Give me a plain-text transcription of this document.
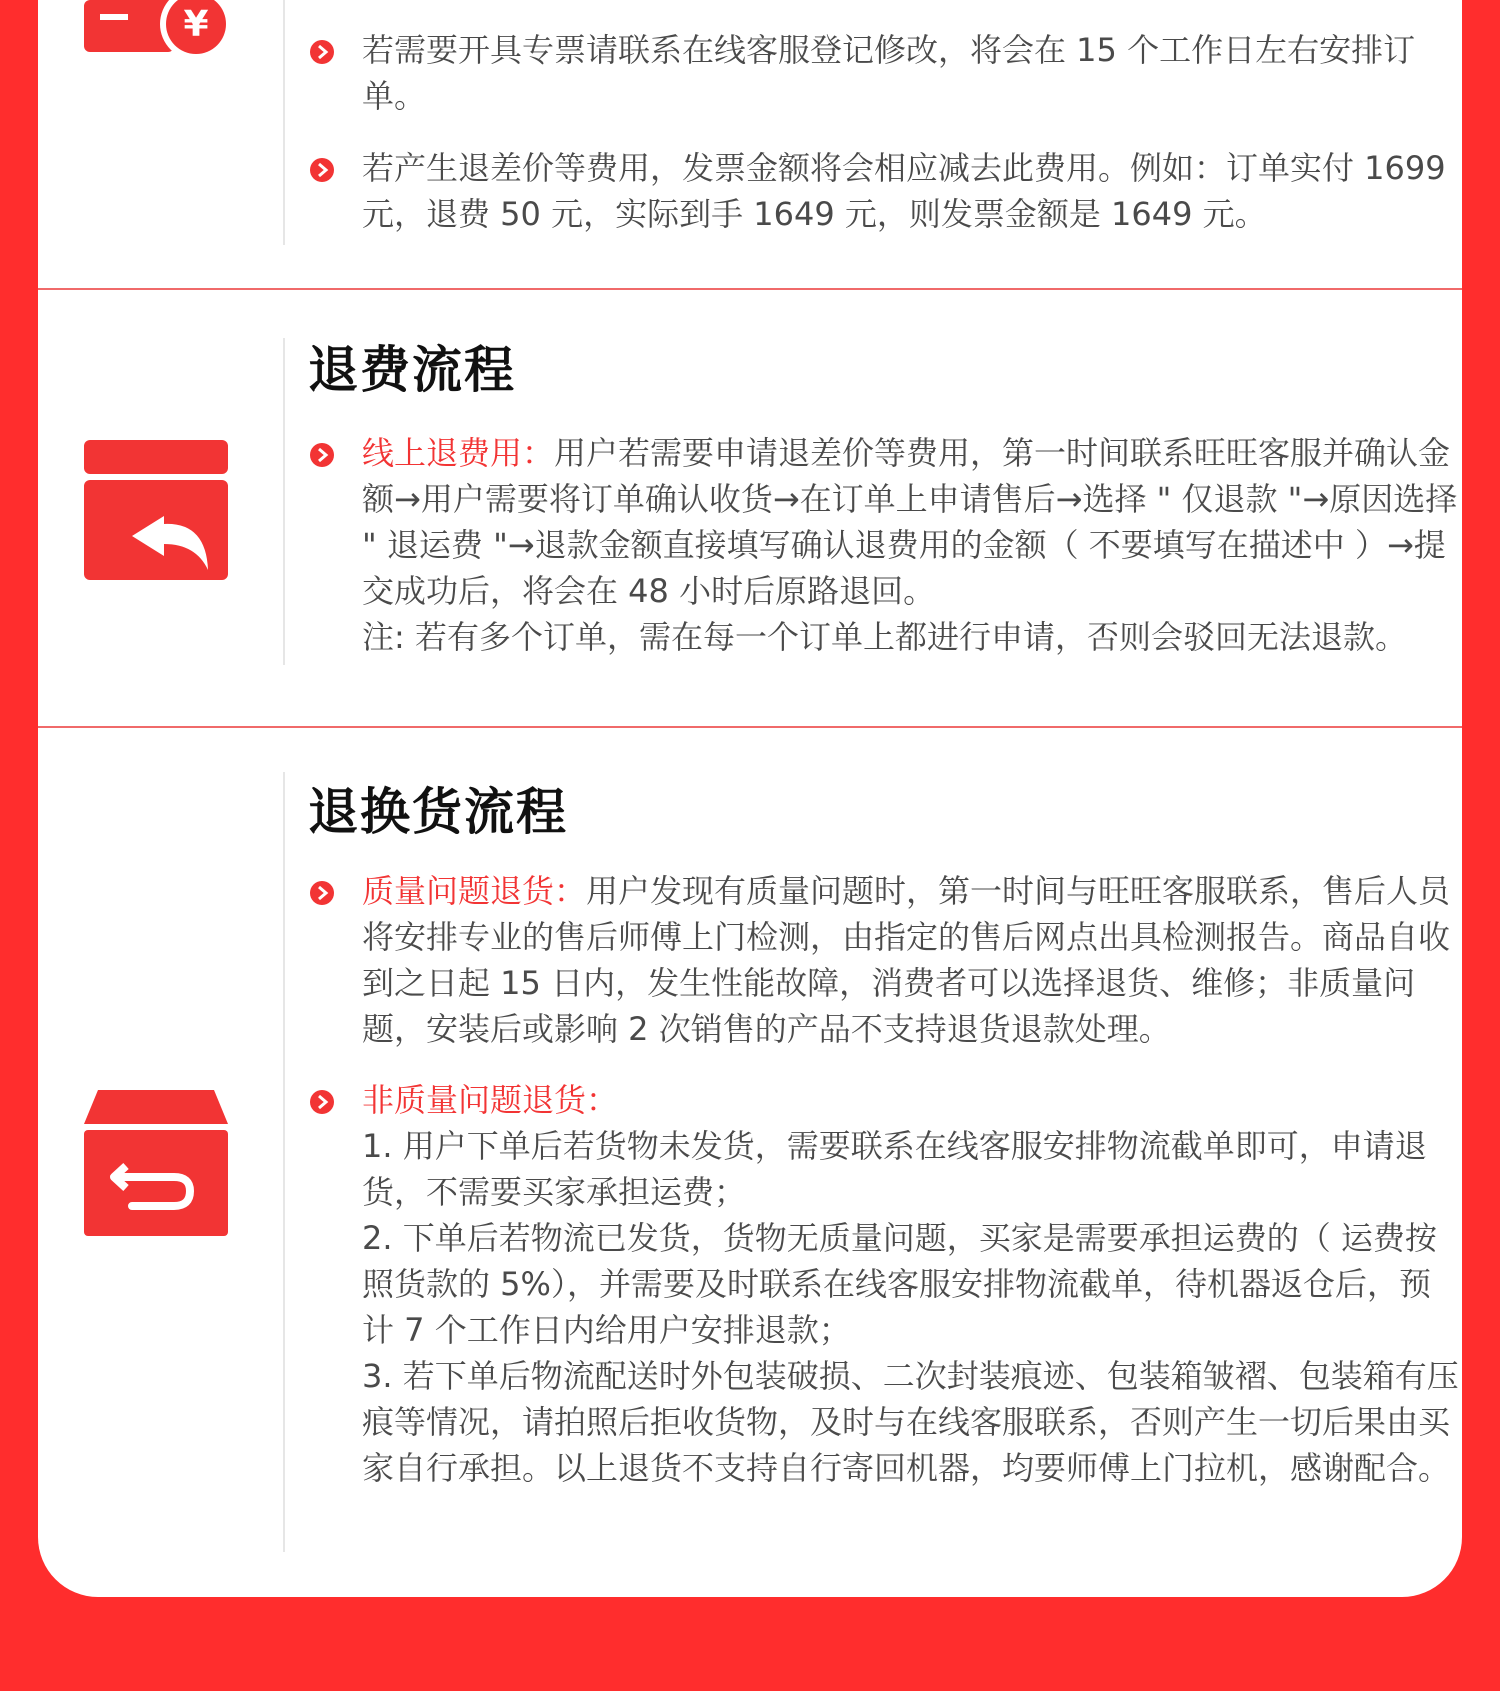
¥

若需要开具专票请联系在线客服登记修改，将会在 15 个工作日左右安排订单。

若产生退差价等费用，发票金额将会相应减去此费用。例如：订单实付 1699 元，退费 50 元，实际到手 1649 元，则发票金额是 1649 元。

退费流程

线上退费用：用户若需要申请退差价等费用，第一时间联系旺旺客服并确认金额→用户需要将订单确认收货→在订单上申请售后→选择 " 仅退款 "→原因选择 " 退运费 "→退款金额直接填写确认退费用的金额（ 不要填写在描述中 ）→提交成功后，将会在 48 小时后原路退回。
注: 若有多个订单，需在每一个订单上都进行申请，否则会驳回无法退款。

退换货流程

质量问题退货：用户发现有质量问题时，第一时间与旺旺客服联系，售后人员将安排专业的售后师傅上门检测，由指定的售后网点出具检测报告。商品自收到之日起 15 日内，发生性能故障，消费者可以选择退货、维修；非质量问题，安装后或影响 2 次销售的产品不支持退货退款处理。

非质量问题退货：
1. 用户下单后若货物未发货，需要联系在线客服安排物流截单即可，申请退货，不需要买家承担运费；
2. 下单后若物流已发货，货物无质量问题，买家是需要承担运费的（ 运费按照货款的 5%），并需要及时联系在线客服安排物流截单，待机器返仓后，预计 7 个工作日内给用户安排退款；
3. 若下单后物流配送时外包装破损、二次封装痕迹、包装箱皱褶、包装箱有压痕等情况，请拍照后拒收货物，及时与在线客服联系，否则产生一切后果由买家自行承担。以上退货不支持自行寄回机器，均要师傅上门拉机，感谢配合。
